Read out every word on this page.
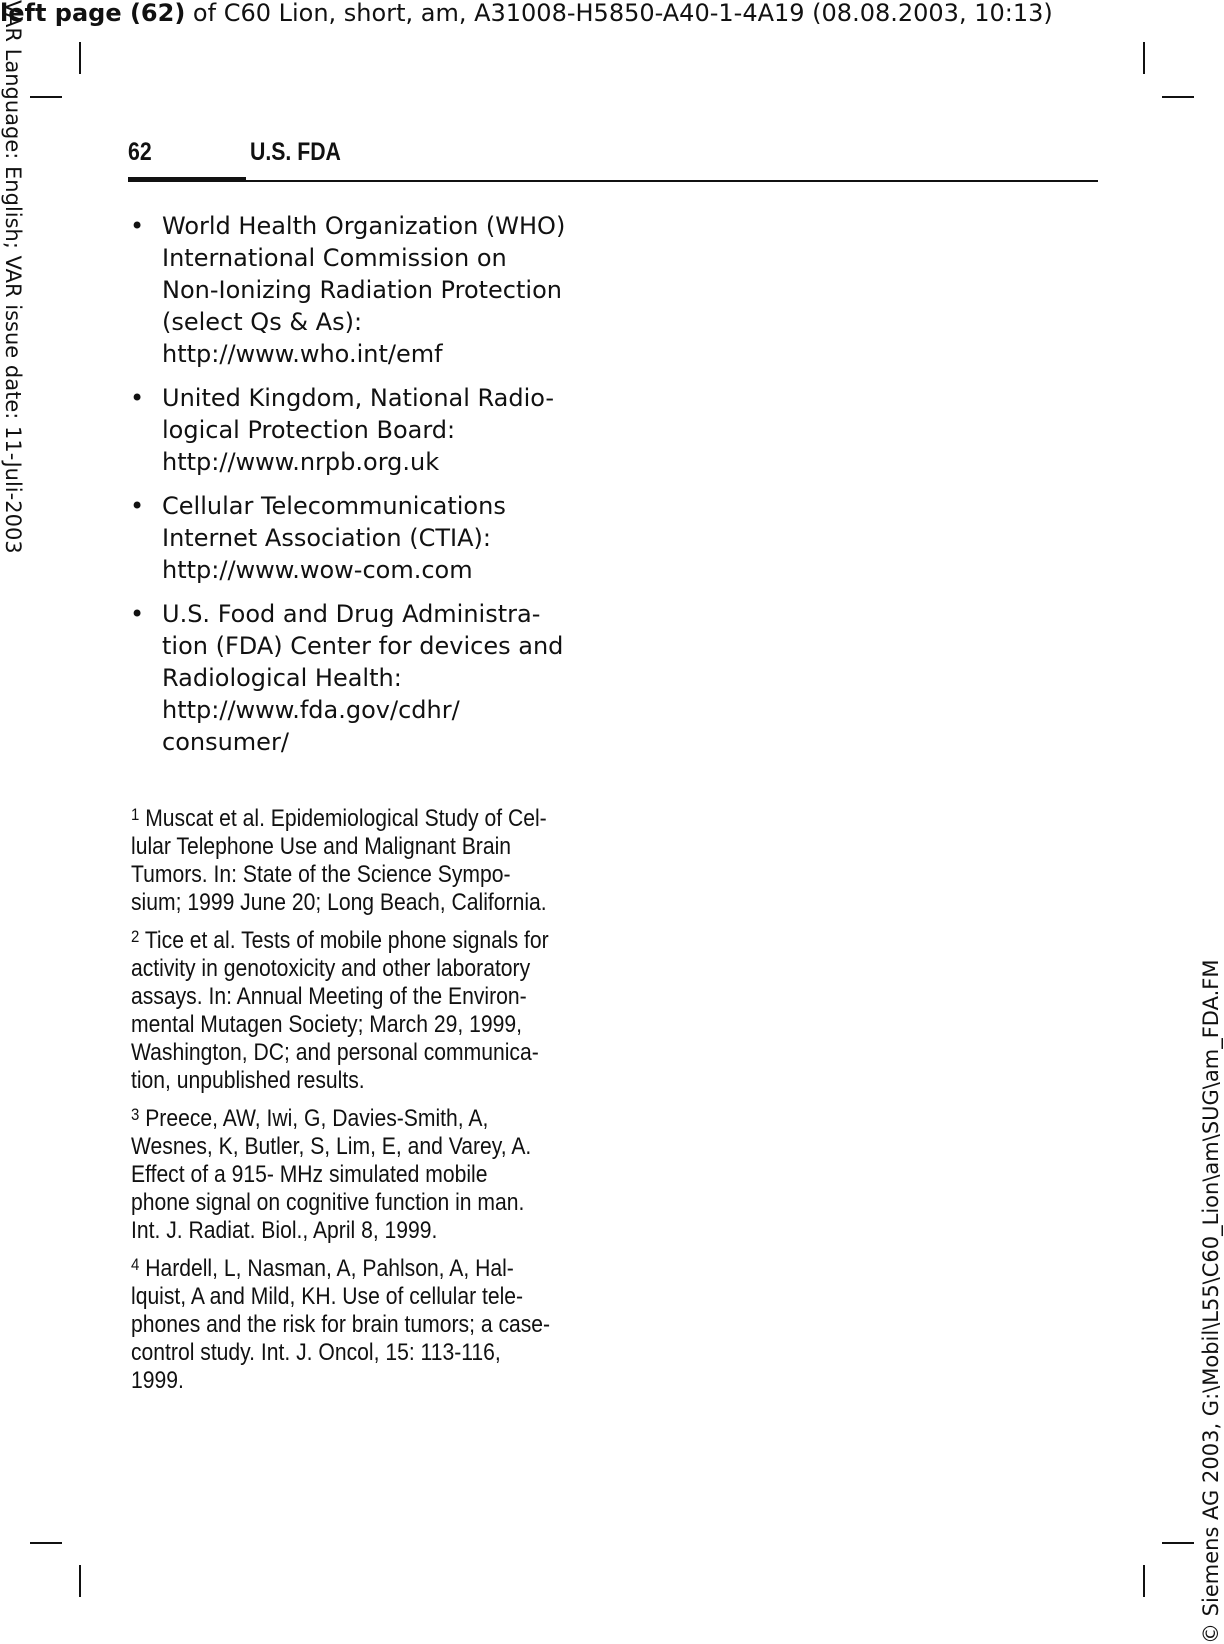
left page (62) of C60 Lion, short, am, A31008-H5850-A40-1-4A19 (08.08.2003, 10:13)
VAR Language: English; VAR issue date: 11-Juli-2003
© Siemens AG 2003, G:\Mobil\L55\C60_Lion\am\SUG\am_FDA.FM
62	U.S. FDA
• World Health Organization (WHO)
International Commission on
Non-Ionizing Radiation Protection
(select Qs & As):
http://www.who.int/emf
• United Kingdom, National Radio-
logical Protection Board:
http://www.nrpb.org.uk
• Cellular Telecommunications
Internet Association (CTIA):
http://www.wow-com.com
• U.S. Food and Drug Administra-
tion (FDA) Center for devices and
Radiological Health:
http://www.fda.gov/cdhr/
consumer/
$^1$ Muscat et al. Epidemiological Study of Cel-
lular Telephone Use and Malignant Brain
Tumors. In: State of the Science Sympo-
sium; 1999 June 20; Long Beach, California.
$^2$ Tice et al. Tests of mobile phone signals for
activity in genotoxicity and other laboratory
assays. In: Annual Meeting of the Environ-
mental Mutagen Society; March 29, 1999,
Washington, DC; and personal communica-
tion, unpublished results.
$^3$ Preece, AW, Iwi, G, Davies-Smith, A,
Wesnes, K, Butler, S, Lim, E, and Varey, A.
Effect of a 915- MHz simulated mobile
phone signal on cognitive function in man.
Int. J. Radiat. Biol., April 8, 1999.
$^4$ Hardell, L, Nasman, A, Pahlson, A, Hal-
lquist, A and Mild, KH. Use of cellular tele-
phones and the risk for brain tumors; a case-
control study. Int. J. Oncol, 15: 113-116,
1999.
